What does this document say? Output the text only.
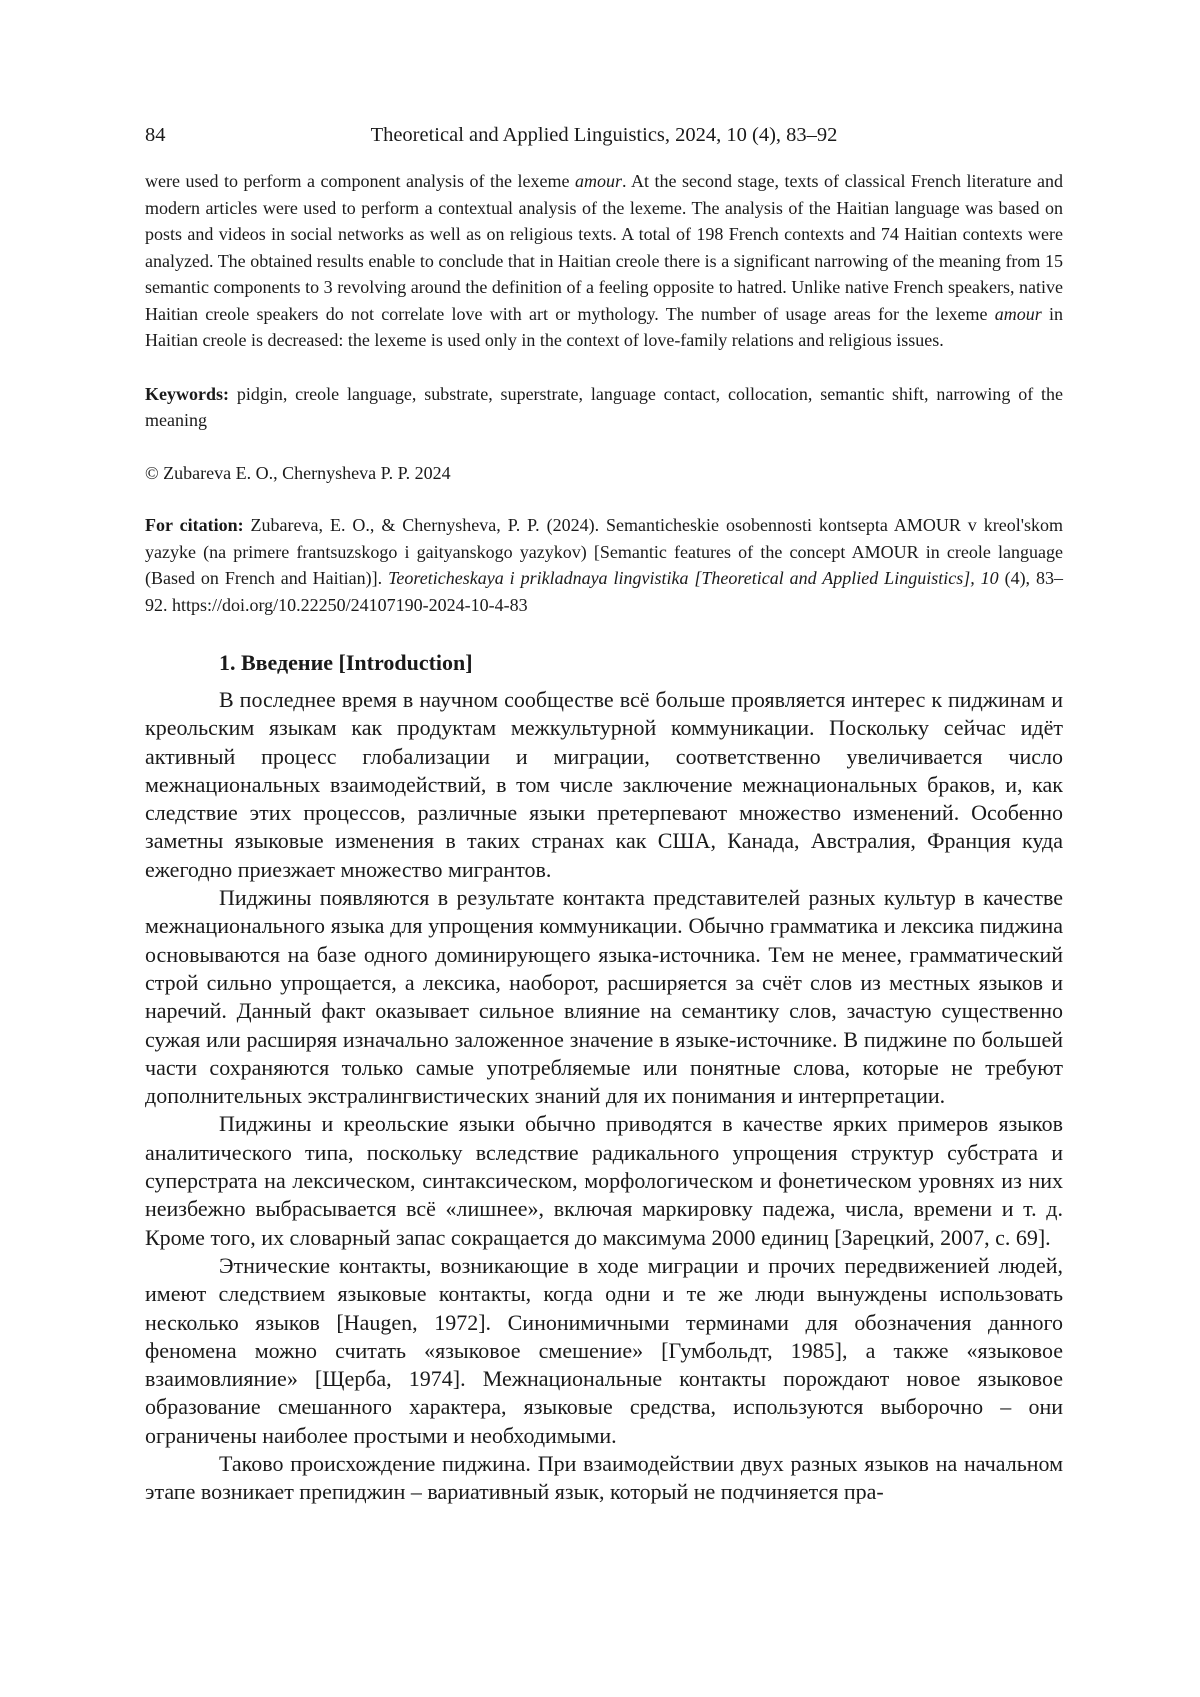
84	Theoretical and Applied Linguistics, 2024, 10 (4), 83–92

were used to perform a component analysis of the lexeme amour. At the second stage, texts of classical French literature and modern articles were used to perform a contextual analysis of the lexeme. The analysis of the Haitian language was based on posts and videos in social networks as well as on religious texts. A total of 198 French contexts and 74 Haitian contexts were analyzed. The obtained results enable to conclude that in Haitian creole there is a significant narrowing of the meaning from 15 semantic components to 3 revolving around the definition of a feeling opposite to hatred. Unlike native French speakers, native Haitian creole speakers do not correlate love with art or mythology. The number of usage areas for the lexeme amour in Haitian creole is decreased: the lexeme is used only in the context of love-family relations and religious issues.

Keywords: pidgin, creole language, substrate, superstrate, language contact, collocation, semantic shift, narrowing of the meaning

© Zubareva E. O., Chernysheva P. P. 2024

For citation: Zubareva, E. O., & Chernysheva, P. P. (2024). Semanticheskie osobennosti kontsepta AMOUR v kreol'skom yazyke (na primere frantsuzskogo i gaityanskogo yazykov) [Semantic features of the concept AMOUR in creole language (Based on French and Haitian)]. Teoreticheskaya i prikladnaya lingvistika [Theoretical and Applied Linguistics], 10 (4), 83–92. https://doi.org/10.22250/24107190-2024-10-4-83

1. Введение [Introduction]

В последнее время в научном сообществе всё больше проявляется интерес к пиджинам и креольским языкам как продуктам межкультурной коммуникации. Поскольку сейчас идёт активный процесс глобализации и миграции, соответственно увеличивается число межнациональных взаимодействий, в том числе заключение межнациональных браков, и, как следствие этих процессов, различные языки претерпевают множество изменений. Особенно заметны языковые изменения в таких странах как США, Канада, Австралия, Франция куда ежегодно приезжает множество мигрантов.

Пиджины появляются в результате контакта представителей разных культур в качестве межнационального языка для упрощения коммуникации. Обычно грамматика и лексика пиджина основываются на базе одного доминирующего языка-источника. Тем не менее, грамматический строй сильно упрощается, а лексика, наоборот, расширяется за счёт слов из местных языков и наречий. Данный факт оказывает сильное влияние на семантику слов, зачастую существенно сужая или расширяя изначально заложенное значение в языке-источнике. В пиджине по большей части сохраняются только самые употребляемые или понятные слова, которые не требуют дополнительных экстралингвистических знаний для их понимания и интерпретации.

Пиджины и креольские языки обычно приводятся в качестве ярких примеров языков аналитического типа, поскольку вследствие радикального упрощения структур субстрата и суперстрата на лексическом, синтаксическом, морфологическом и фонетическом уровнях из них неизбежно выбрасывается всё «лишнее», включая маркировку падежа, числа, времени и т. д. Кроме того, их словарный запас сокращается до максимума 2000 единиц [Зарецкий, 2007, с. 69].

Этнические контакты, возникающие в ходе миграции и прочих передвиженией людей, имеют следствием языковые контакты, когда одни и те же люди вынуждены использовать несколько языков [Haugen, 1972]. Синонимичными терминами для обозначения данного феномена можно считать «языковое смешение» [Гумбольдт, 1985], а также «языковое взаимовлияние» [Щерба, 1974]. Межнациональные контакты порождают новое языковое образование смешанного характера, языковые средства, используются выборочно – они ограничены наиболее простыми и необходимыми.

Таково происхождение пиджина. При взаимодействии двух разных языков на начальном этапе возникает препиджин – вариативный язык, который не подчиняется пра-
